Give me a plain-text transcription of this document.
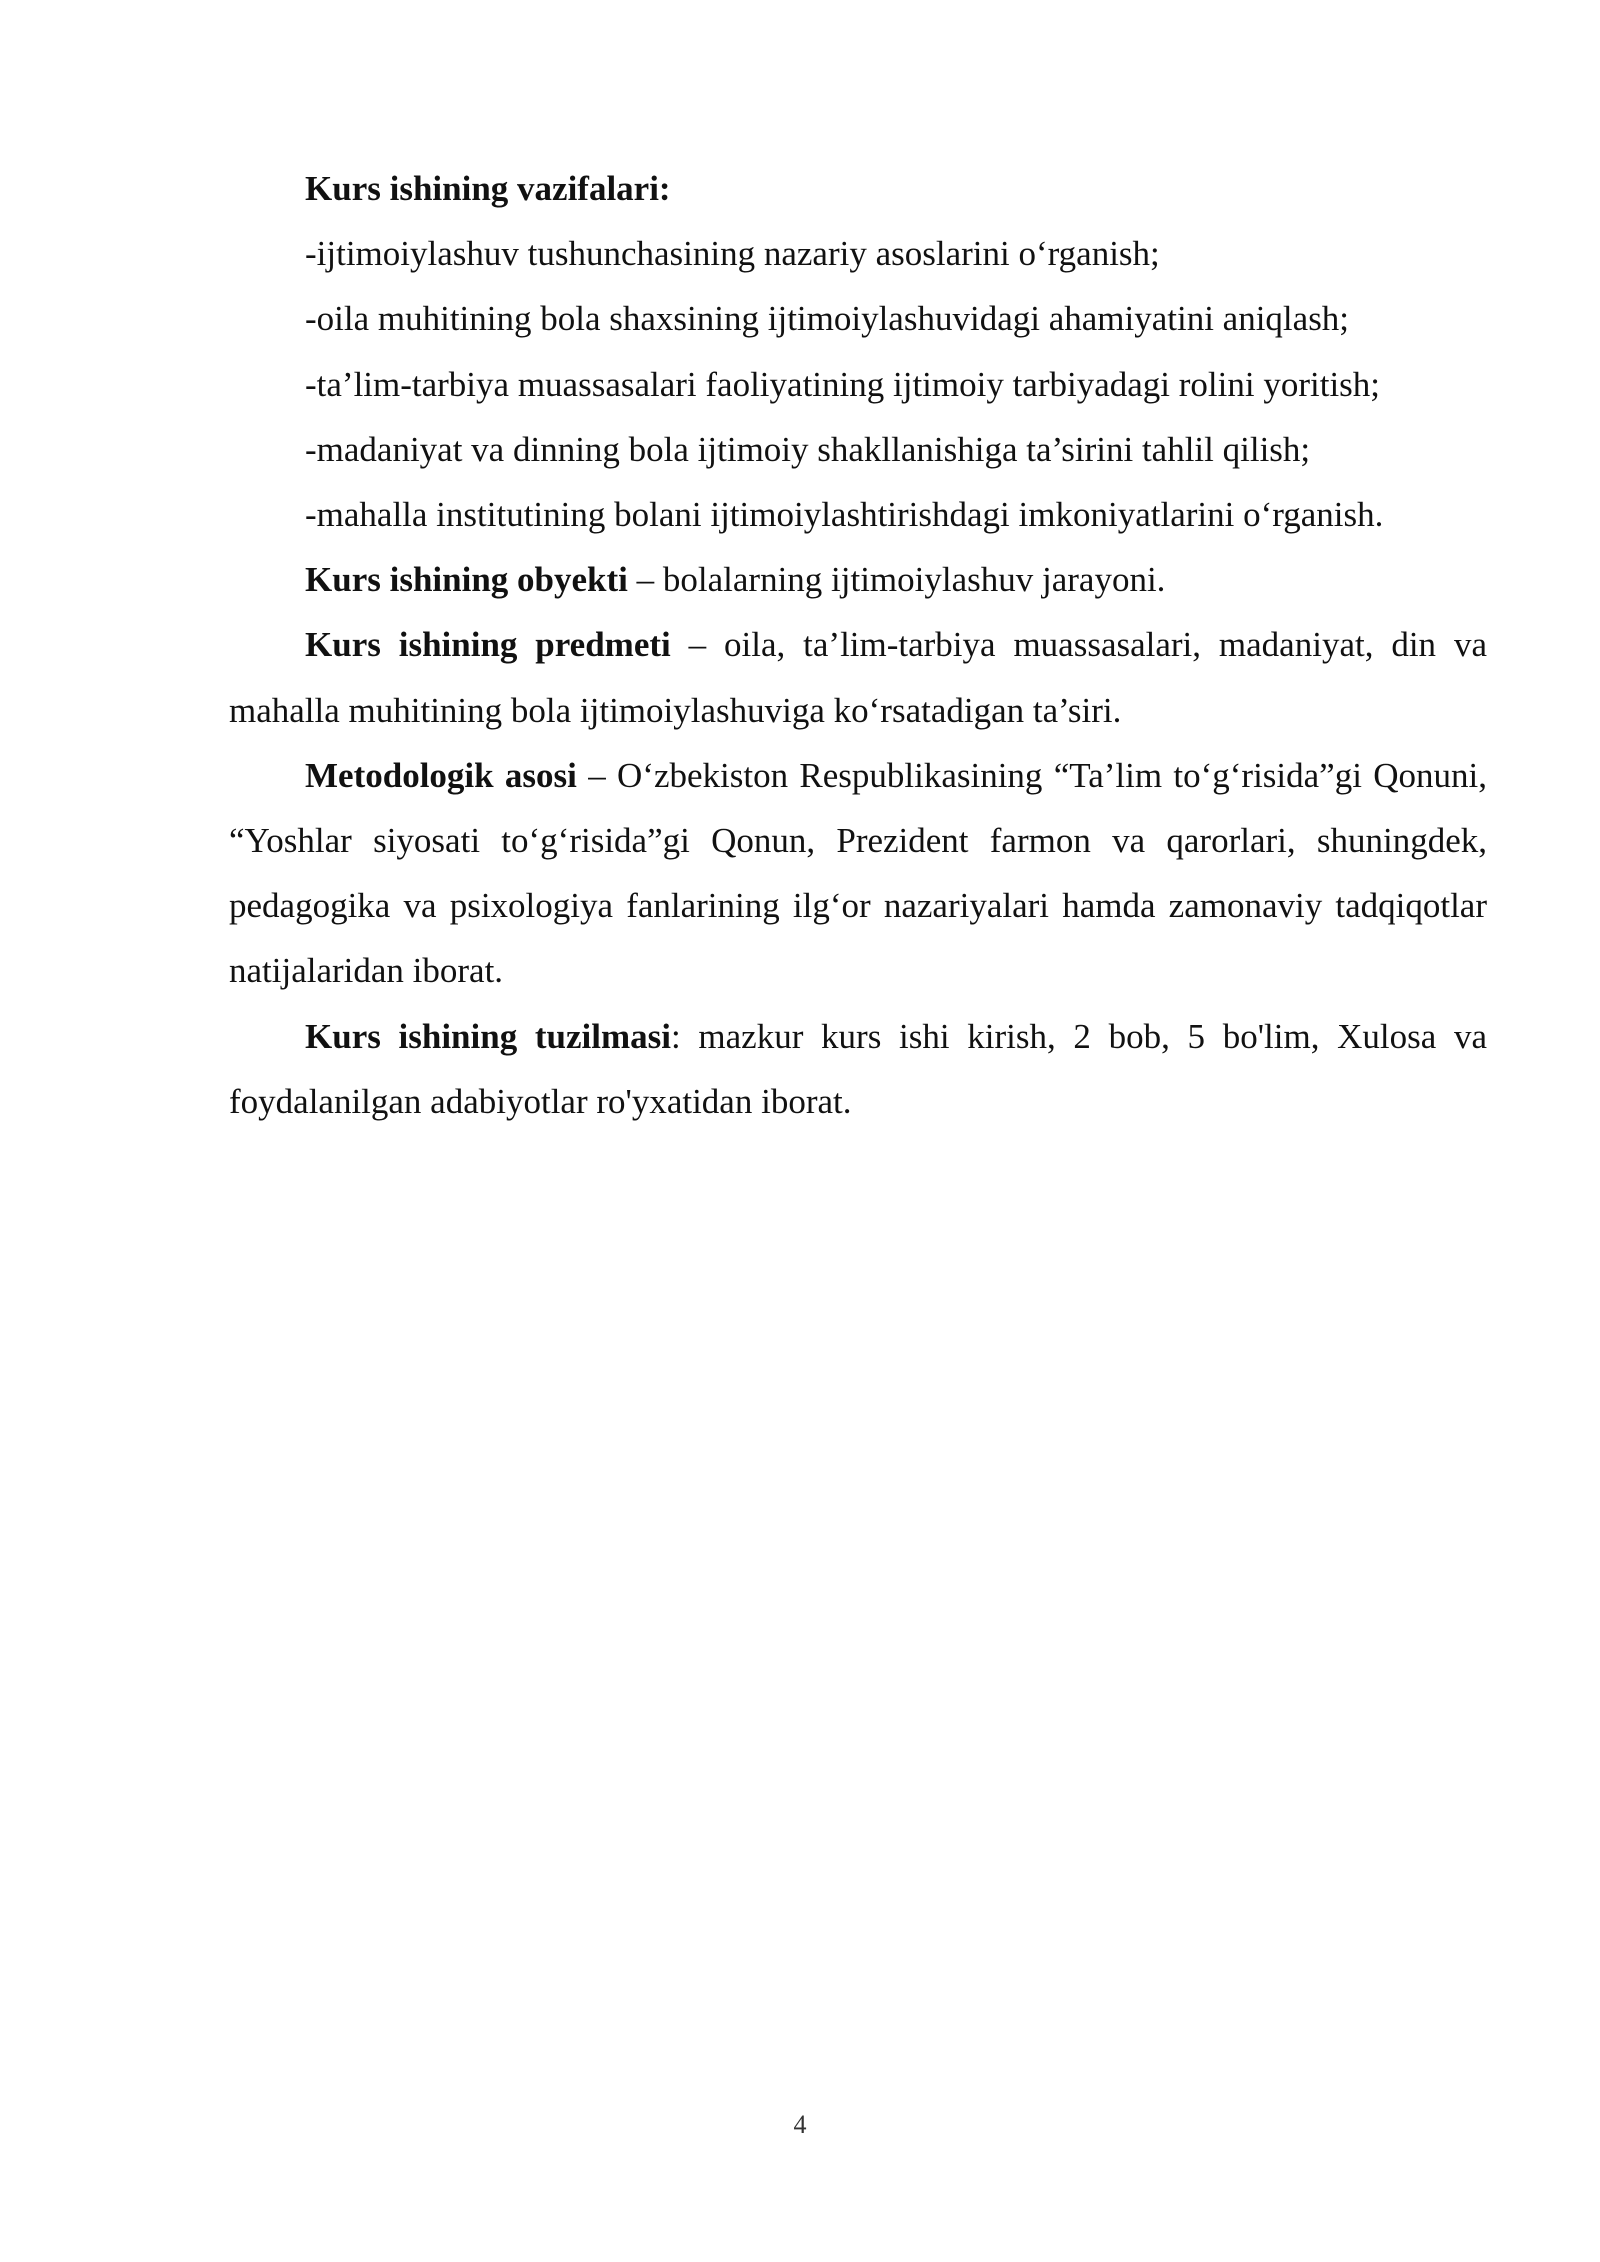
Kurs ishining vazifalari:

-ijtimoiylashuv tushunchasining nazariy asoslarini o‘rganish;

-oila muhitining bola shaxsining ijtimoiylashuvidagi ahamiyatini aniqlash;

-ta’lim-tarbiya muassasalari faoliyatining ijtimoiy tarbiyadagi rolini yoritish;

-madaniyat va dinning bola ijtimoiy shakllanishiga ta’sirini tahlil qilish;

-mahalla institutining bolani ijtimoiylashtirishdagi imkoniyatlarini o‘rganish.

Kurs ishining obyekti – bolalarning ijtimoiylashuv jarayoni.

Kurs ishining predmeti – oila, ta’lim-tarbiya muassasalari, madaniyat, din va mahalla muhitining bola ijtimoiylashuviga ko‘rsatadigan ta’siri.

Metodologik asosi – O‘zbekiston Respublikasining “Ta’lim to‘g‘risida”gi Qonuni, “Yoshlar siyosati to‘g‘risida”gi Qonun, Prezident farmon va qarorlari, shuningdek, pedagogika va psixologiya fanlarining ilg‘or nazariyalari hamda zamonaviy tadqiqotlar natijalaridan iborat.

Kurs ishining tuzilmasi: mazkur kurs ishi kirish, 2 bob, 5 bo'lim, Xulosa va foydalanilgan adabiyotlar ro'yxatidan iborat.

4
